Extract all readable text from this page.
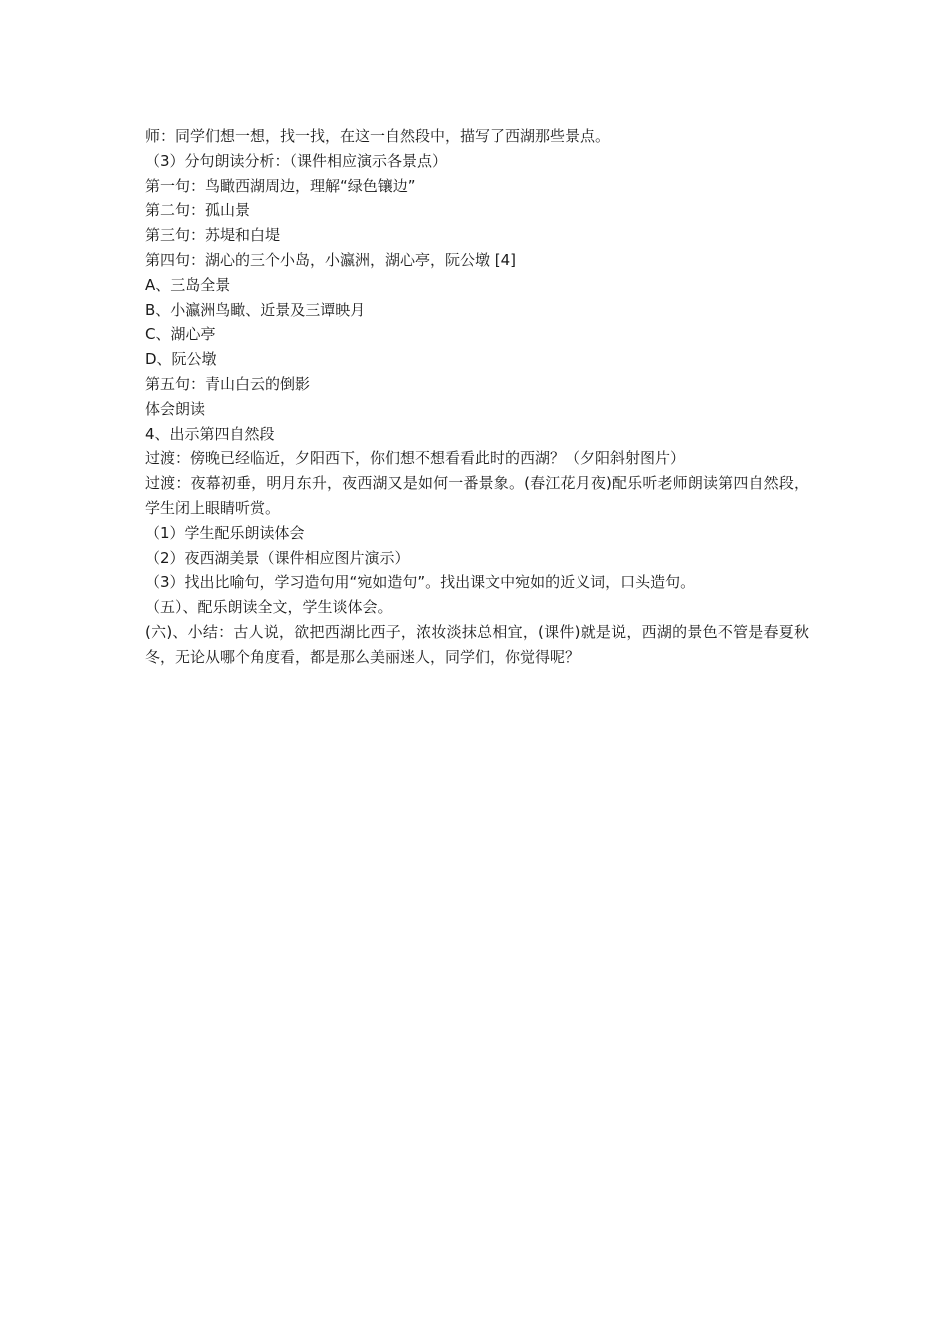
师：同学们想一想，找一找，在这一自然段中，描写了西湖那些景点。
（3）分句朗读分析：（课件相应演示各景点）
第一句：鸟瞰西湖周边，理解“绿色镶边”
第二句：孤山景
第三句：苏堤和白堤
第四句：湖心的三个小岛，小瀛洲，湖心亭，阮公墩 [4]
A、三岛全景
B、小瀛洲鸟瞰、近景及三谭映月
C、湖心亭
D、阮公墩
第五句：青山白云的倒影
体会朗读
4、出示第四自然段
过渡：傍晚已经临近，夕阳西下，你们想不想看看此时的西湖？（夕阳斜射图片）
过渡：夜幕初垂，明月东升，夜西湖又是如何一番景象。(春江花月夜)配乐听老师朗读第四自然段，学生闭上眼睛听赏。
（1）学生配乐朗读体会
（2）夜西湖美景（课件相应图片演示）
（3）找出比喻句，学习造句用“宛如造句”。找出课文中宛如的近义词，口头造句。
（五）、配乐朗读全文，学生谈体会。
(六)、小结：古人说，欲把西湖比西子，浓妆淡抹总相宜，(课件)就是说，西湖的景色不管是春夏秋冬，无论从哪个角度看，都是那么美丽迷人，同学们，你觉得呢？
